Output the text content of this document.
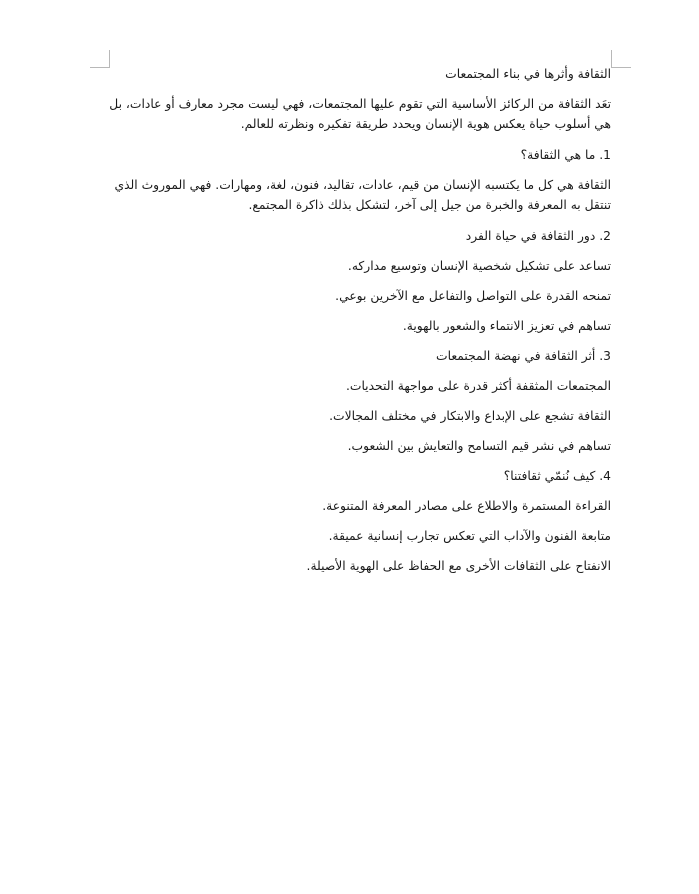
الثقافة وأثرها في بناء المجتمعات

تعَد الثقافة من الركائز الأساسية التي تقوم عليها المجتمعات، فهي ليست مجرد معارف أو عادات، بل
هي أسلوب حياة يعكس هوية الإنسان ويحدد طريقة تفكيره ونظرته للعالم.

1. ما هي الثقافة؟

الثقافة هي كل ما يكتسبه الإنسان من قيم، عادات، تقاليد، فنون، لغة، ومهارات. فهي الموروث الذي
تنتقل به المعرفة والخبرة من جيل إلى آخر، لتشكل بذلك ذاكرة المجتمع.

2. دور الثقافة في حياة الفرد

تساعد على تشكيل شخصية الإنسان وتوسيع مداركه.

تمنحه القدرة على التواصل والتفاعل مع الآخرين بوعي.

تساهم في تعزيز الانتماء والشعور بالهوية.

3. أثر الثقافة في نهضة المجتمعات

المجتمعات المثقفة أكثر قدرة على مواجهة التحديات.

الثقافة تشجع على الإبداع والابتكار في مختلف المجالات.

تساهم في نشر قيم التسامح والتعايش بين الشعوب.

4. كيف نُنمّي ثقافتنا؟

القراءة المستمرة والاطلاع على مصادر المعرفة المتنوعة.

متابعة الفنون والآداب التي تعكس تجارب إنسانية عميقة.

الانفتاح على الثقافات الأخرى مع الحفاظ على الهوية الأصيلة.
